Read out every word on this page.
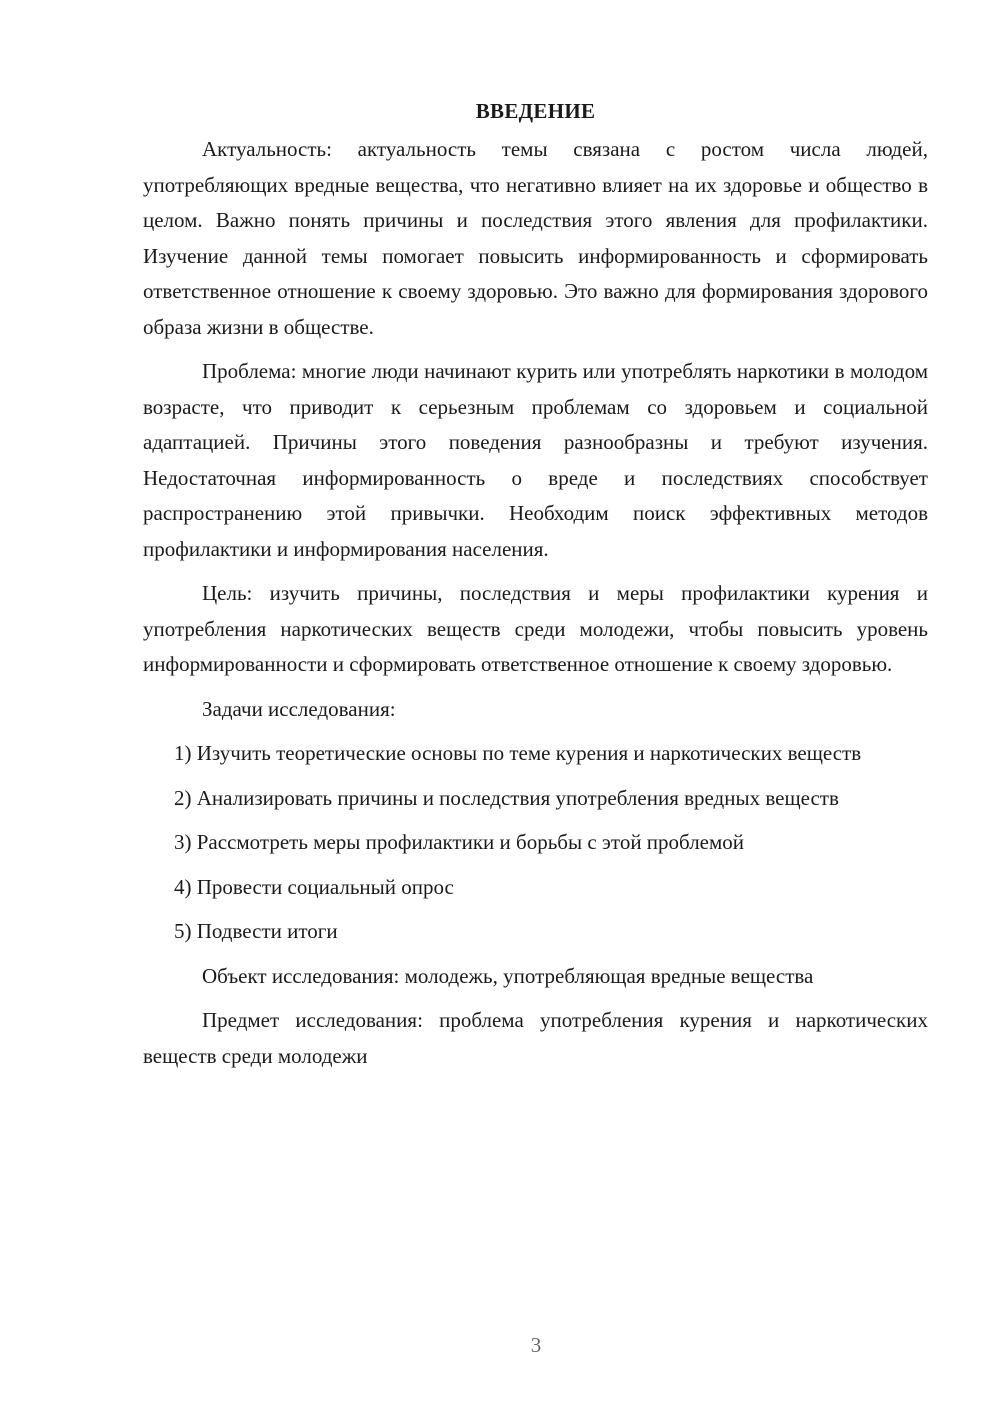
ВВЕДЕНИЕ

Актуальность: актуальность темы связана с ростом числа людей, употребляющих вредные вещества, что негативно влияет на их здоровье и общество в целом. Важно понять причины и последствия этого явления для профилактики. Изучение данной темы помогает повысить информированность и сформировать ответственное отношение к своему здоровью. Это важно для формирования здорового образа жизни в обществе.

Проблема: многие люди начинают курить или употреблять наркотики в молодом возрасте, что приводит к серьезным проблемам со здоровьем и социальной адаптацией. Причины этого поведения разнообразны и требуют изучения. Недостаточная информированность о вреде и последствиях способствует распространению этой привычки. Необходим поиск эффективных методов профилактики и информирования населения.

Цель: изучить причины, последствия и меры профилактики курения и употребления наркотических веществ среди молодежи, чтобы повысить уровень информированности и сформировать ответственное отношение к своему здоровью.

Задачи исследования:

1) Изучить теоретические основы по теме курения и наркотических веществ

2) Анализировать причины и последствия употребления вредных веществ

3) Рассмотреть меры профилактики и борьбы с этой проблемой

4) Провести социальный опрос

5) Подвести итоги

Объект исследования: молодежь, употребляющая вредные вещества

Предмет исследования: проблема употребления курения и наркотических веществ среди молодежи

3
